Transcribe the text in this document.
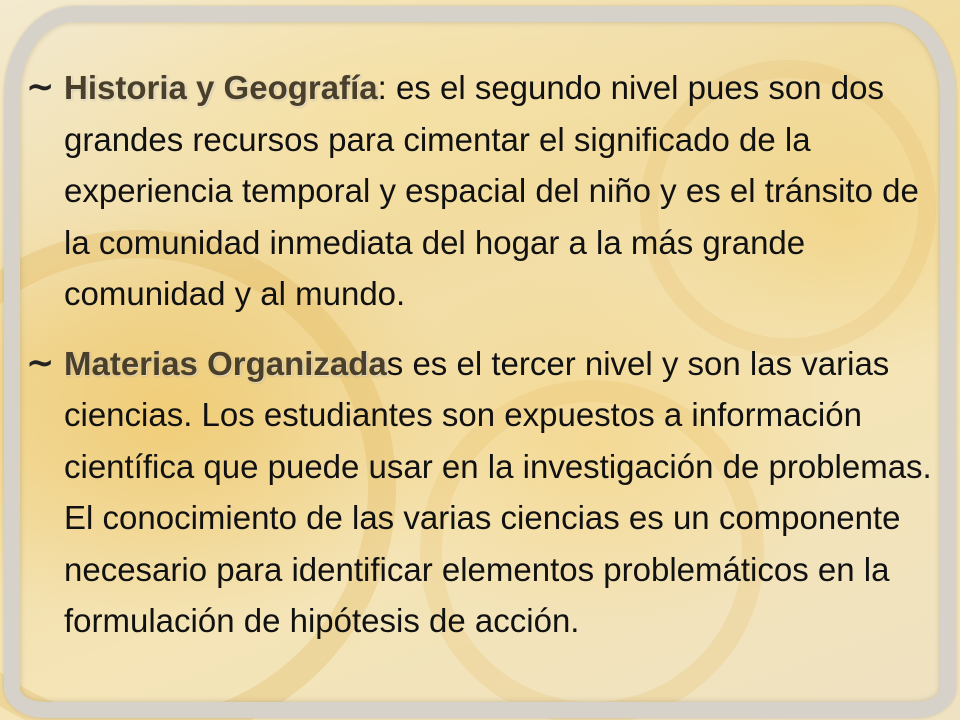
∼ Historia y Geografía: es el segundo nivel pues son dos grandes recursos para cimentar el significado de la experiencia temporal y espacial del niño y es el tránsito de la comunidad inmediata del hogar a la más grande comunidad y al mundo.
∼ Materias Organizadas es el tercer nivel y son las varias ciencias. Los estudiantes son expuestos a información científica que puede usar en la investigación de problemas. El conocimiento de las varias ciencias es un componente necesario para identificar elementos problemáticos en la formulación de hipótesis de acción.
